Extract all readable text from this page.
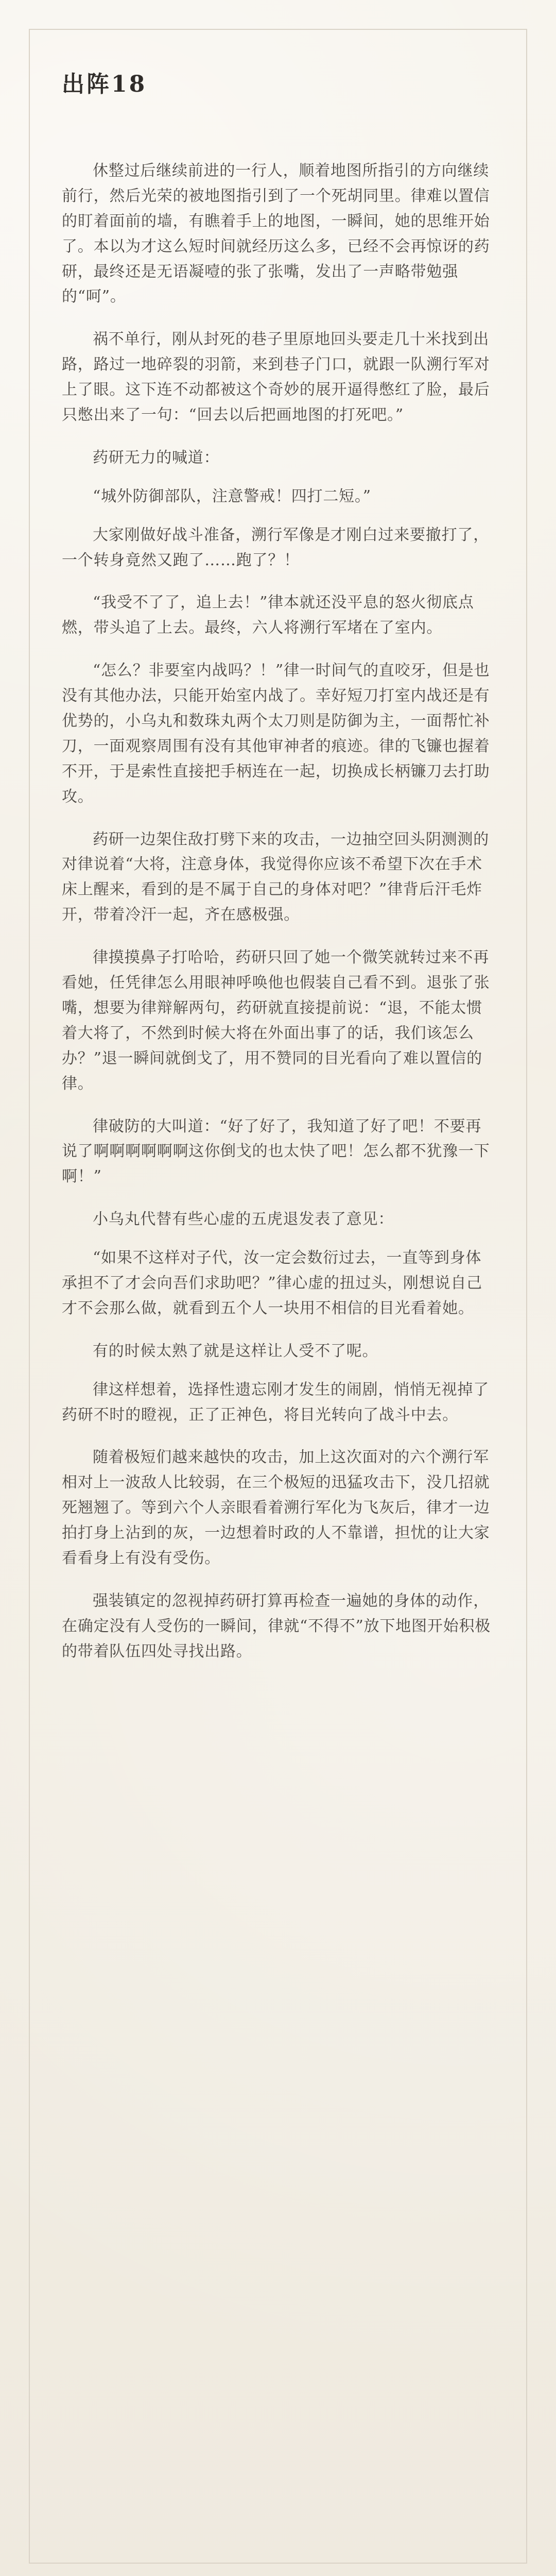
出阵18

休整过后继续前进的一行人，顺着地图所指引的方向继续前行，然后光荣的被地图指引到了一个死胡同里。律难以置信的盯着面前的墙，有瞧着手上的地图，一瞬间，她的思维开始了。本以为才这么短时间就经历这么多，已经不会再惊讶的药研，最终还是无语凝噎的张了张嘴，发出了一声略带勉强的“呵”。

祸不单行，刚从封死的巷子里原地回头要走几十米找到出路，路过一地碎裂的羽箭，来到巷子门口，就跟一队溯行军对上了眼。这下连不动都被这个奇妙的展开逼得憋红了脸，最后只憋出来了一句：“回去以后把画地图的打死吧。”

药研无力的喊道：

“城外防御部队，注意警戒！四打二短。”

大家刚做好战斗准备，溯行军像是才刚白过来要撤打了，一个转身竟然又跑了……跑了？！

“我受不了了，追上去！”律本就还没平息的怒火彻底点燃，带头追了上去。最终，六人将溯行军堵在了室内。

“怎么？非要室内战吗？！”律一时间气的直咬牙，但是也没有其他办法，只能开始室内战了。幸好短刀打室内战还是有优势的，小乌丸和数珠丸两个太刀则是防御为主，一面帮忙补刀，一面观察周围有没有其他审神者的痕迹。律的飞镰也握着不开，于是索性直接把手柄连在一起，切换成长柄镰刀去打助攻。

药研一边架住敌打劈下来的攻击，一边抽空回头阴测测的对律说着“大将，注意身体，我觉得你应该不希望下次在手术床上醒来，看到的是不属于自己的身体对吧？”律背后汗毛炸开，带着冷汗一起，齐在感极强。

律摸摸鼻子打哈哈，药研只回了她一个微笑就转过来不再看她，任凭律怎么用眼神呼唤他也假装自己看不到。退张了张嘴，想要为律辩解两句，药研就直接提前说：“退，不能太惯着大将了，不然到时候大将在外面出事了的话，我们该怎么办？”退一瞬间就倒戈了，用不赞同的目光看向了难以置信的律。

律破防的大叫道：“好了好了，我知道了好了吧！不要再说了啊啊啊啊啊啊这你倒戈的也太快了吧！怎么都不犹豫一下啊！”

小乌丸代替有些心虚的五虎退发表了意见：

“如果不这样对子代，汝一定会数衍过去，一直等到身体承担不了才会向吾们求助吧？”律心虚的扭过头，刚想说自己才不会那么做，就看到五个人一块用不相信的目光看着她。

有的时候太熟了就是这样让人受不了呢。

律这样想着，选择性遗忘刚才发生的闹剧，悄悄无视掉了药研不时的瞪视，正了正神色，将目光转向了战斗中去。

随着极短们越来越快的攻击，加上这次面对的六个溯行军相对上一波敌人比较弱，在三个极短的迅猛攻击下，没几招就死翘翘了。等到六个人亲眼看着溯行军化为飞灰后，律才一边拍打身上沾到的灰，一边想着时政的人不靠谱，担忧的让大家看看身上有没有受伤。

强装镇定的忽视掉药研打算再检查一遍她的身体的动作，在确定没有人受伤的一瞬间，律就“不得不”放下地图开始积极的带着队伍四处寻找出路。
